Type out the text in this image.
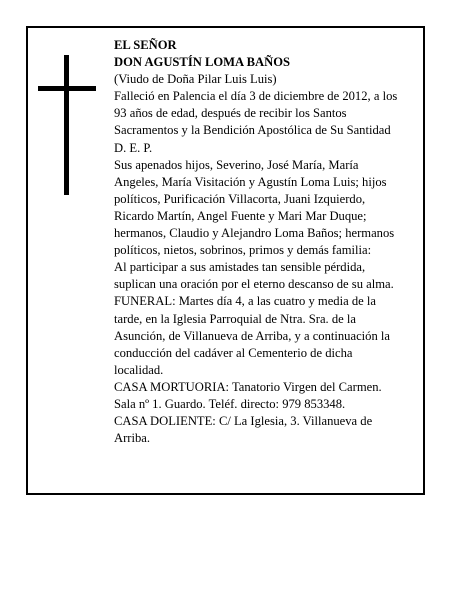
EL SEÑOR
DON AGUSTÍN LOMA BAÑOS
(Viudo de Doña Pilar Luis Luis)
Falleció en Palencia el día 3 de diciembre de 2012, a los
93 años de edad, después de recibir los Santos
Sacramentos y la Bendición Apostólica de Su Santidad
D. E. P.
Sus apenados hijos, Severino, José María, María
Angeles, María Visitación y Agustín Loma Luis; hijos
políticos, Purificación Villacorta, Juani Izquierdo,
Ricardo Martín, Angel Fuente y Mari Mar Duque;
hermanos, Claudio y Alejandro Loma Baños; hermanos
políticos, nietos, sobrinos, primos y demás familia:
Al participar a sus amistades tan sensible pérdida,
suplican una oración por el eterno descanso de su alma.
FUNERAL: Martes día 4, a las cuatro y media de la
tarde, en la Iglesia Parroquial de Ntra. Sra. de la
Asunción, de Villanueva de Arriba, y a continuación la
conducción del cadáver al Cementerio de dicha
localidad.
CASA MORTUORIA: Tanatorio Virgen del Carmen.
Sala nº 1. Guardo. Teléf. directo: 979 853348.
CASA DOLIENTE: C/ La Iglesia, 3. Villanueva de
Arriba.
